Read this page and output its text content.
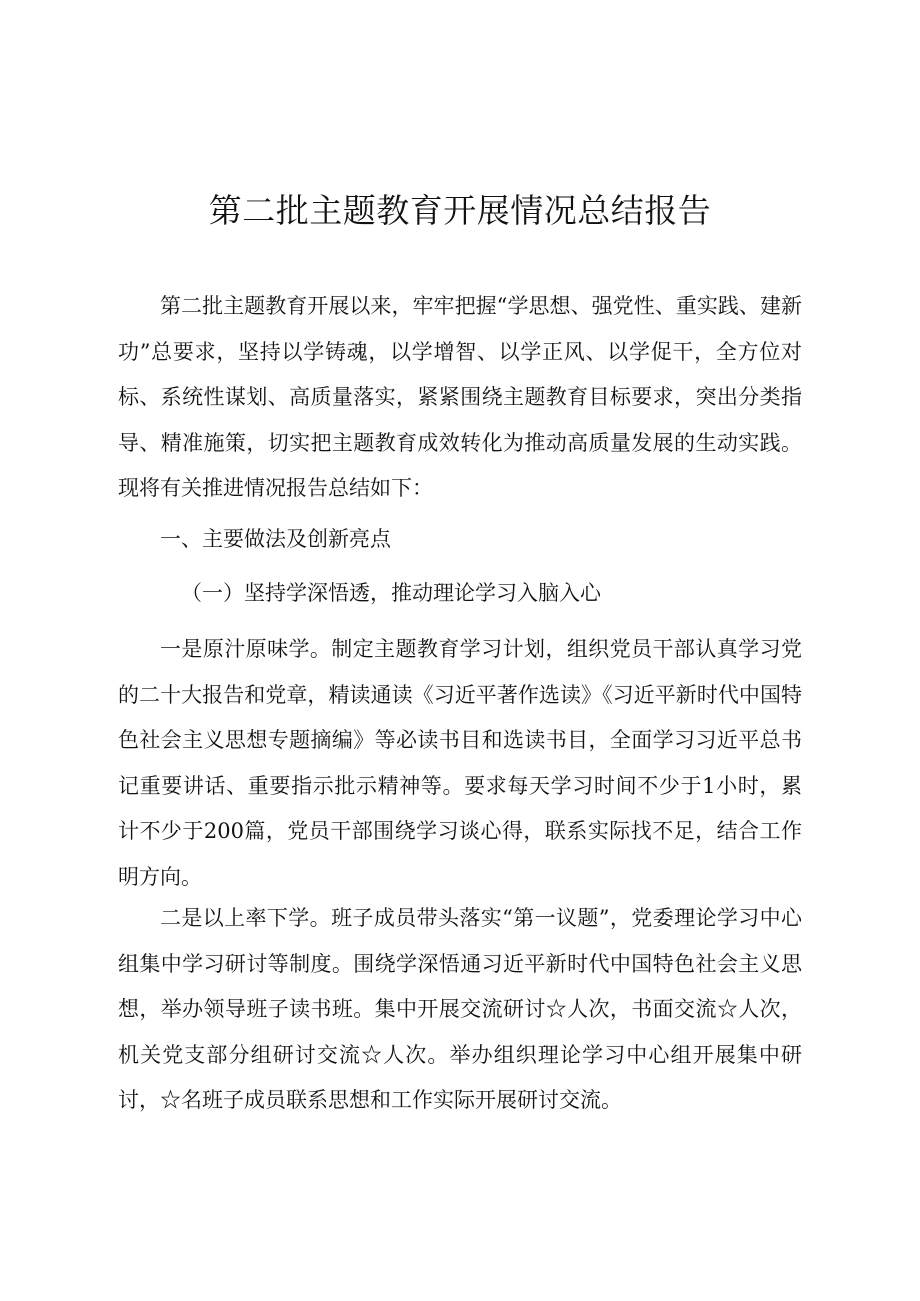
第二批主题教育开展情况总结报告

第二批主题教育开展以来，牢牢把握“学思想、强党性、重实践、建新功”总要求，坚持以学铸魂，以学增智、以学正风、以学促干，全方位对标、系统性谋划、高质量落实，紧紧围绕主题教育目标要求，突出分类指导、精准施策，切实把主题教育成效转化为推动高质量发展的生动实践。现将有关推进情况报告总结如下：

一、主要做法及创新亮点

（一）坚持学深悟透，推动理论学习入脑入心

一是原汁原味学。制定主题教育学习计划，组织党员干部认真学习党的二十大报告和党章，精读通读《习近平著作选读》《习近平新时代中国特色社会主义思想专题摘编》等必读书目和选读书目，全面学习习近平总书记重要讲话、重要指示批示精神等。要求每天学习时间不少于1小时，累计不少于200篇，党员干部围绕学习谈心得，联系实际找不足，结合工作明方向。

二是以上率下学。班子成员带头落实“第一议题”，党委理论学习中心组集中学习研讨等制度。围绕学深悟通习近平新时代中国特色社会主义思想，举办领导班子读书班。集中开展交流研讨☆人次，书面交流☆人次，机关党支部分组研讨交流☆人次。举办组织理论学习中心组开展集中研讨，☆名班子成员联系思想和工作实际开展研讨交流。
